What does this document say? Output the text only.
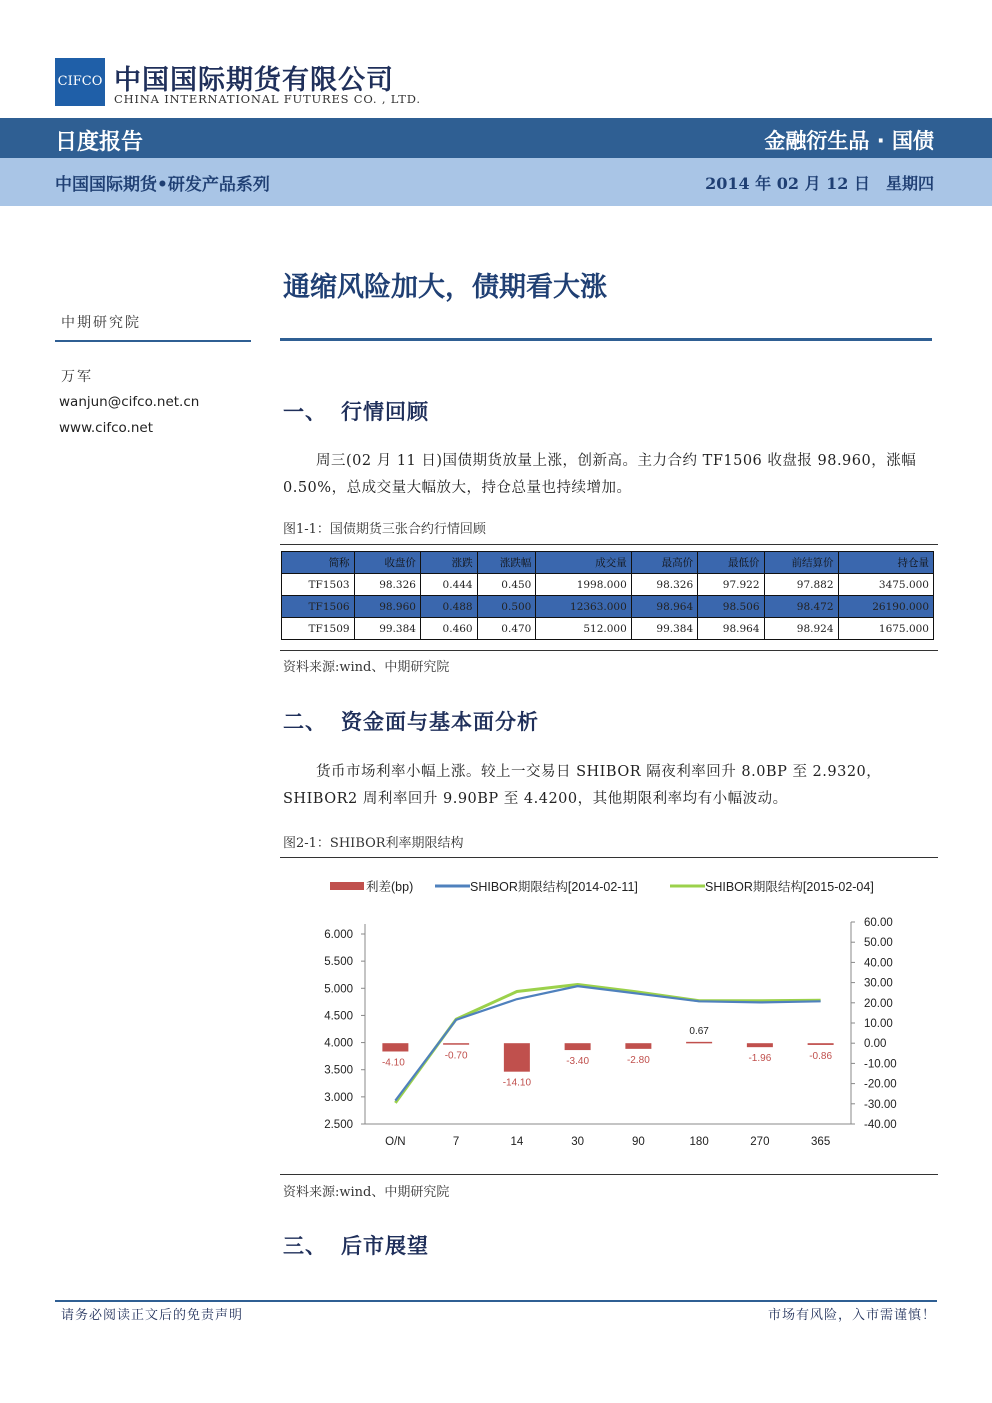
CIFCO 中国国际期货有限公司
CHINA INTERNATIONAL FUTURES CO. , LTD.
日度报告	金融衍生品 · 国债
中国国际期货•研发产品系列	2014 年 02 月 12 日　星期四
通缩风险加大，债期看大涨
中期研究院
万军
wanjun@cifco.net.cn
www.cifco.net
一、 行情回顾
周三(02 月 11 日)国债期货放量上涨，创新高。主力合约 TF1506 收盘报 98.960，涨幅 0.50%，总成交量大幅放大，持仓总量也持续增加。
图1-1：国债期货三张合约行情回顾
简称	收盘价	涨跌	涨跌幅	成交量	最高价	最低价	前结算价	持仓量
TF1503	98.326	0.444	0.450	1998.000	98.326	97.922	97.882	3475.000
TF1506	98.960	0.488	0.500	12363.000	98.964	98.506	98.472	26190.000
TF1509	99.384	0.460	0.470	512.000	99.384	98.964	98.924	1675.000
资料来源:wind、中期研究院
二、 资金面与基本面分析
货币市场利率小幅上涨。较上一交易日 SHIBOR 隔夜利率回升 8.0BP 至 2.9320，SHIBOR2 周利率回升 9.90BP 至 4.4200，其他期限利率均有小幅波动。
图2-1：SHIBOR利率期限结构
2.500
3.000
3.500
4.000
4.500
5.000
5.500
6.000
-40.00
-30.00
-20.00
-10.00
0.00
10.00
20.00
30.00
40.00
50.00
60.00
O/N	7	14	30	90	180	270	365
-4.10
-0.70
-14.10
-3.40	-2.80
0.67
-1.96	-0.86
利差(bp)	SHIBOR期限结构[2014-02-11]	SHIBOR期限结构[2015-02-04]
资料来源:wind、中期研究院
三、 后市展望
请务必阅读正文后的免责声明	市场有风险，入市需谨慎！
